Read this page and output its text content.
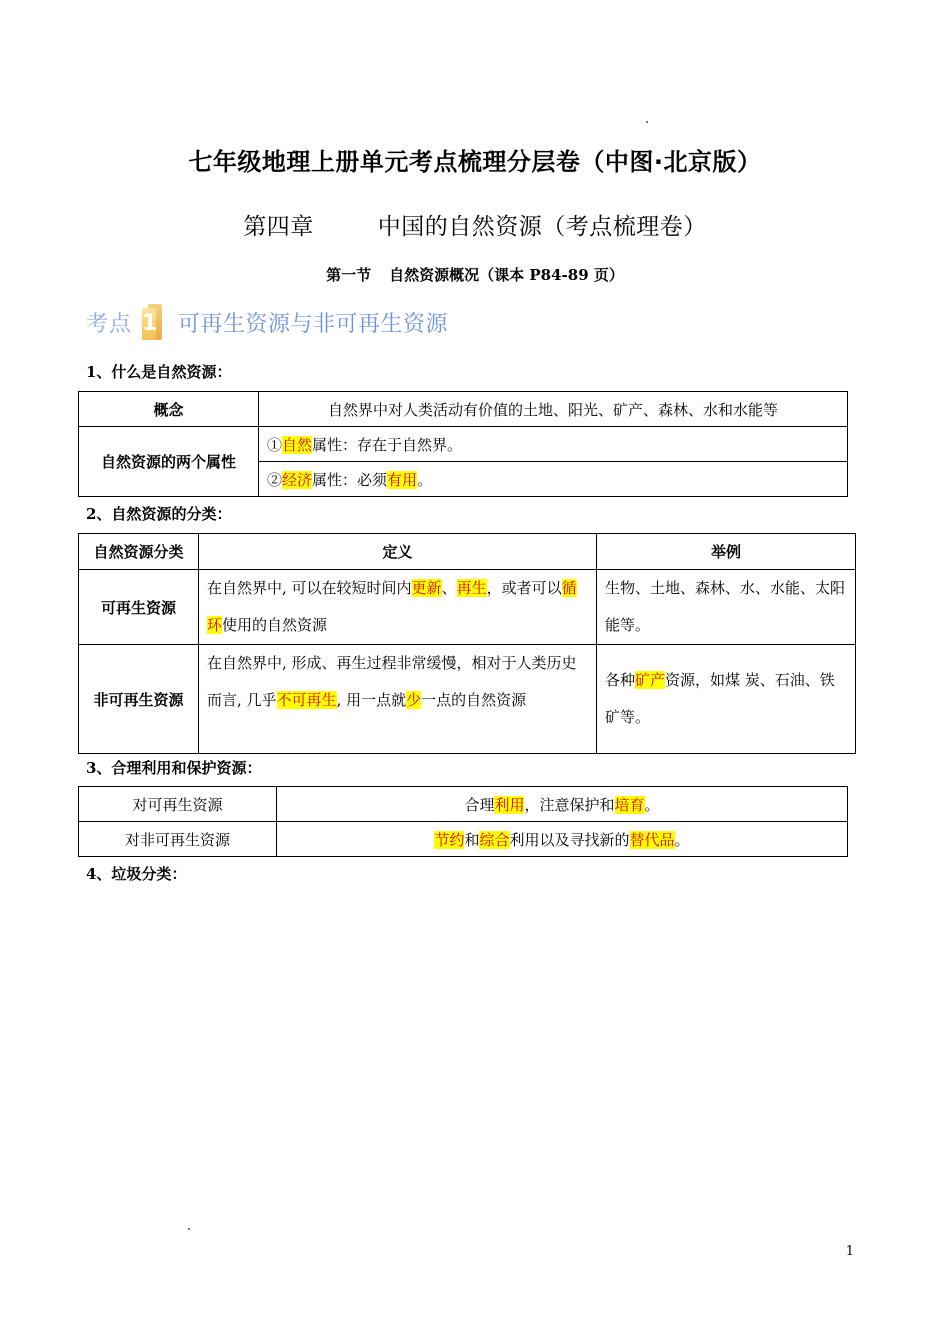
七年级地理上册单元考点梳理分层卷（中图·北京版）
第四章	中国的自然资源（考点梳理卷）
第一节 自然资源概况（课本 P84-89 页）
考点 1 可再生资源与非可再生资源
1、什么是自然资源：
概念	自然界中对人类活动有价值的土地、阳光、矿产、森林、水和水能等
自然资源的两个属性	①自然属性：存在于自然界。
	②经济属性：必须有用。
2、自然资源的分类：
自然资源分类	定义	举例
可再生资源	在自然界中, 可以在较短时间内更新、再生，或者可以循环使用的自然资源	生物、土地、森林、水、水能、太阳能等。
非可再生资源	在自然界中, 形成、再生过程非常缓慢，相对于人类历史而言, 几乎不可再生, 用一点就少一点的自然资源	各种矿产资源，如煤 炭、石油、铁矿等。
3、合理利用和保护资源：
对可再生资源	合理利用，注意保护和培育。
对非可再生资源	节约和综合利用以及寻找新的替代品。
4、垃圾分类：
1
